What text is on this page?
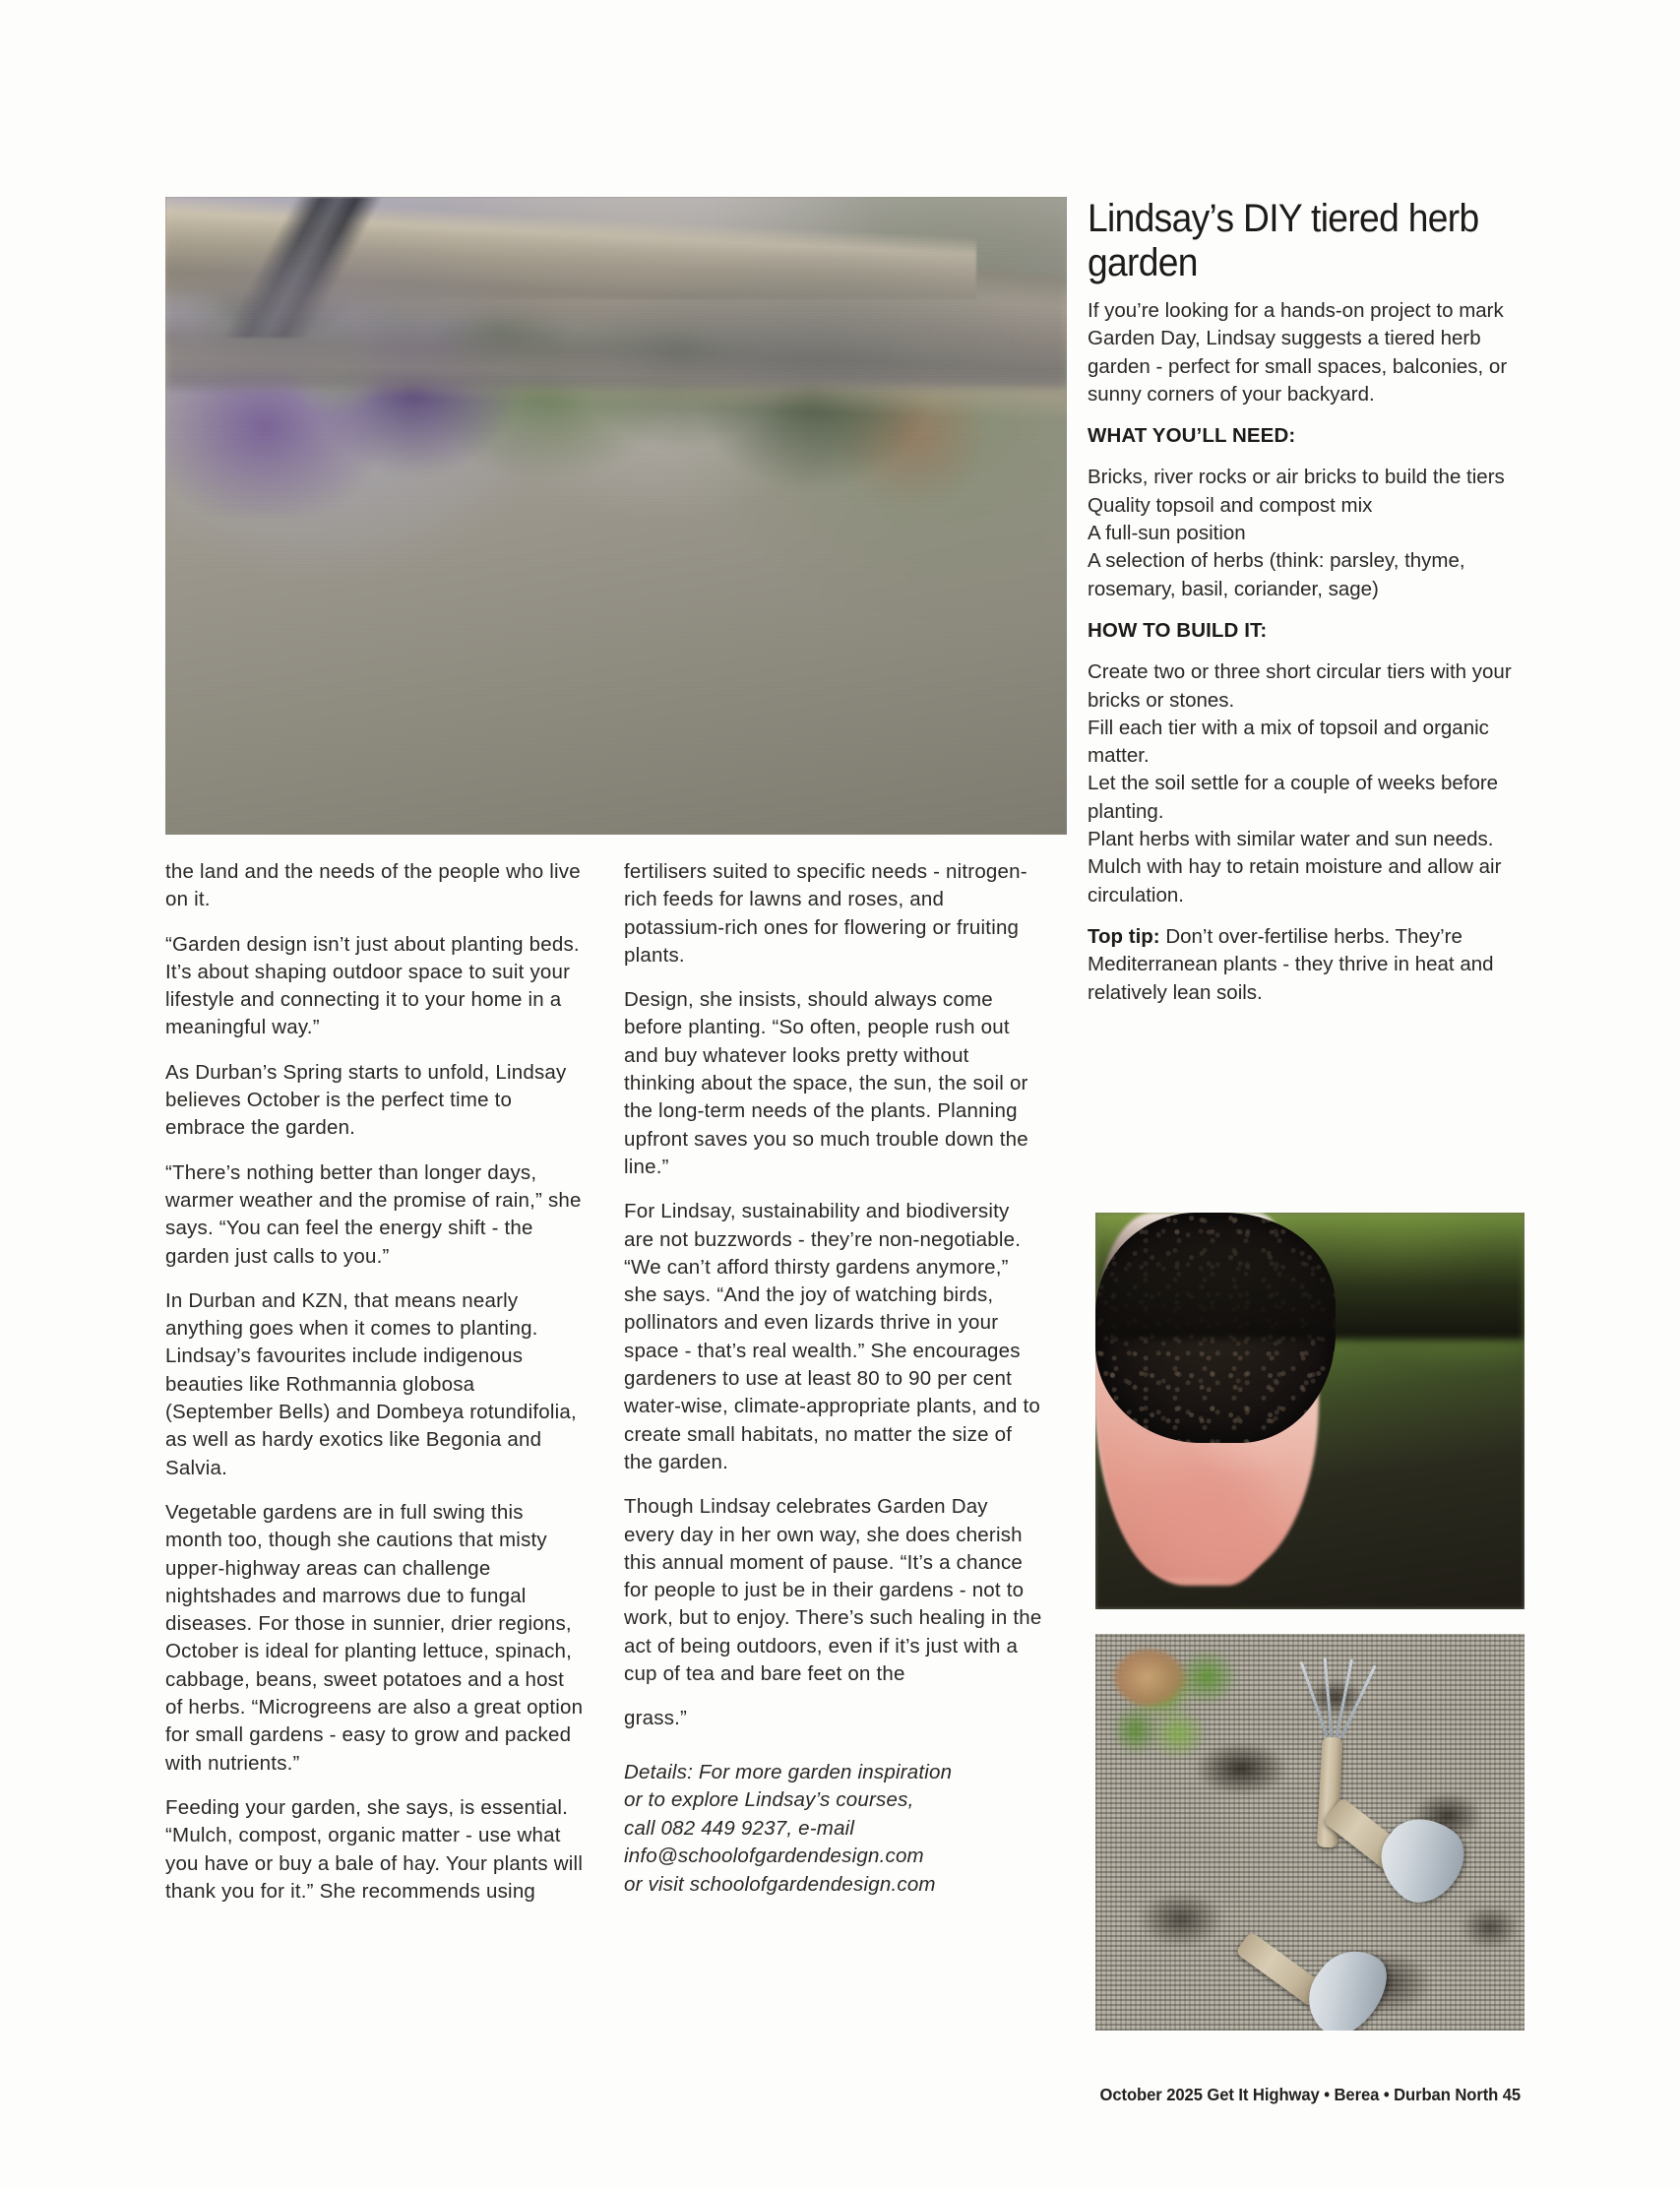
the land and the needs of the people who live on it.

“Garden design isn’t just about planting beds. It’s about shaping outdoor space to suit your lifestyle and connecting it to your home in a meaningful way.”

As Durban’s Spring starts to unfold, Lindsay believes October is the perfect time to embrace the garden.

“There’s nothing better than longer days, warmer weather and the promise of rain,” she says. “You can feel the energy shift - the garden just calls to you.”

In Durban and KZN, that means nearly anything goes when it comes to planting. Lindsay’s favourites include indigenous beauties like Rothmannia globosa (September Bells) and Dombeya rotundifolia, as well as hardy exotics like Begonia and Salvia.

Vegetable gardens are in full swing this month too, though she cautions that misty upper-highway areas can challenge nightshades and marrows due to fungal diseases. For those in sunnier, drier regions, October is ideal for planting lettuce, spinach, cabbage, beans, sweet potatoes and a host of herbs. “Microgreens are also a great option for small gardens - easy to grow and packed with nutrients.”

Feeding your garden, she says, is essential. “Mulch, compost, organic matter - use what you have or buy a bale of hay. Your plants will thank you for it.” She recommends using

fertilisers suited to specific needs - nitrogen-rich feeds for lawns and roses, and potassium-rich ones for flowering or fruiting plants.

Design, she insists, should always come before planting. “So often, people rush out and buy whatever looks pretty without thinking about the space, the sun, the soil or the long-term needs of the plants. Planning upfront saves you so much trouble down the line.”

For Lindsay, sustainability and biodiversity are not buzzwords - they’re non-negotiable. “We can’t afford thirsty gardens anymore,” she says. “And the joy of watching birds, pollinators and even lizards thrive in your space - that’s real wealth.” She encourages gardeners to use at least 80 to 90 per cent water-wise, climate-appropriate plants, and to create small habitats, no matter the size of the garden.

Though Lindsay celebrates Garden Day every day in her own way, she does cherish this annual moment of pause. “It’s a chance for people to just be in their gardens - not to work, but to enjoy. There’s such healing in the act of being outdoors, even if it’s just with a cup of tea and bare feet on the

grass.”

Details: For more garden inspiration
or to explore Lindsay’s courses,
call 082 449 9237, e-mail
info@schoolofgardendesign.com
or visit schoolofgardendesign.com
Lindsay’s DIY tiered herb garden

If you’re looking for a hands-on project to mark Garden Day, Lindsay suggests a tiered herb garden - perfect for small spaces, balconies, or sunny corners of your backyard.

WHAT YOU’LL NEED:

Bricks, river rocks or air bricks to build the tiers
Quality topsoil and compost mix
A full-sun position
A selection of herbs (think: parsley, thyme, rosemary, basil, coriander, sage)

HOW TO BUILD IT:

Create two or three short circular tiers with your bricks or stones.
Fill each tier with a mix of topsoil and organic matter.
Let the soil settle for a couple of weeks before planting.
Plant herbs with similar water and sun needs.
Mulch with hay to retain moisture and allow air circulation.

Top tip: Don’t over-fertilise herbs. They’re Mediterranean plants - they thrive in heat and relatively lean soils.

October 2025 Get It Highway • Berea • Durban North 45
